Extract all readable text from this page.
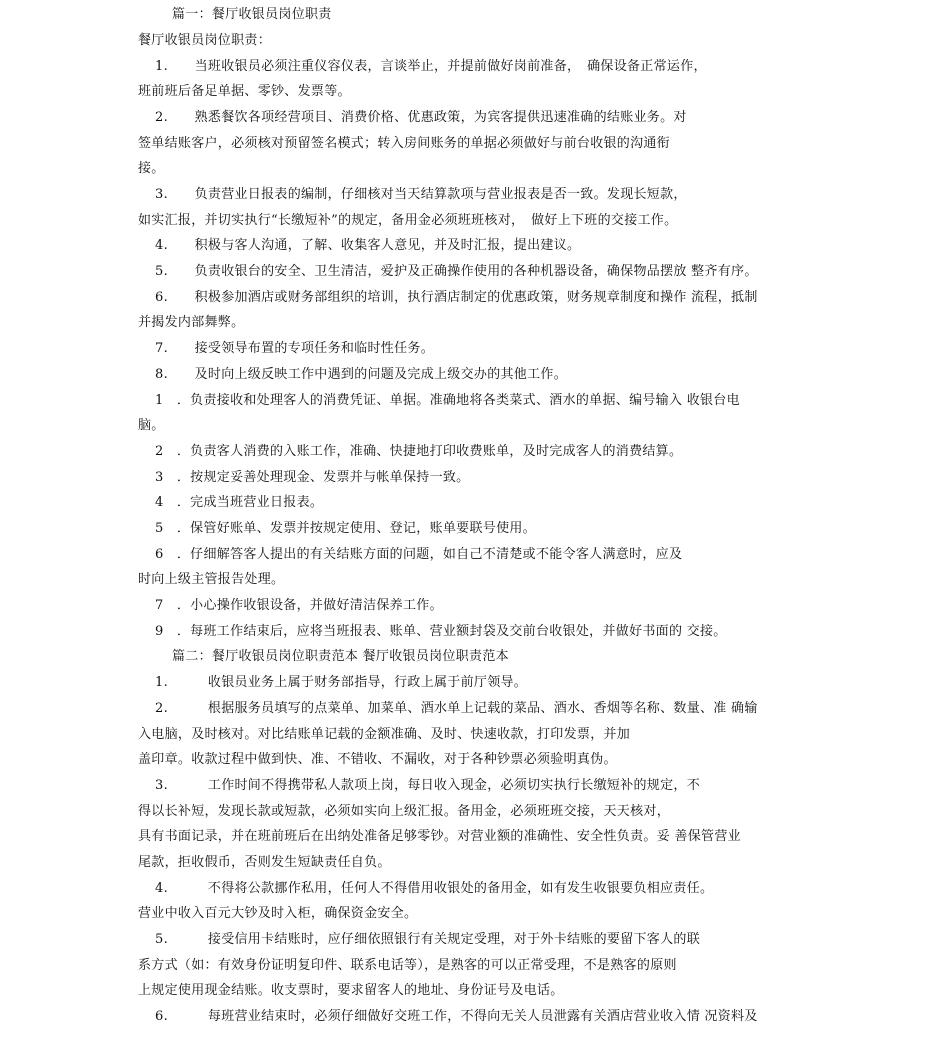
篇一：餐厅收银员岗位职责

餐厅收银员岗位职责：

1.　　当班收银员必须注重仪容仪表，言谈举止，并提前做好岗前准备，　确保设备正常运作，

班前班后备足单据、零钞、发票等。

2.　　熟悉餐饮各项经营项目、消费价格、优惠政策，为宾客提供迅速准确的结账业务。对

签单结账客户，必须核对预留签名模式；转入房间账务的单据必须做好与前台收银的沟通衔

接。

3.　　负责营业日报表的编制，仔细核对当天结算款项与营业报表是否一致。发现长短款，

如实汇报，并切实执行“长缴短补”的规定，备用金必须班班核对，　做好上下班的交接工作。

4.　　积极与客人沟通，了解、收集客人意见，并及时汇报，提出建议。

5.　　负责收银台的安全、卫生清洁，爱护及正确操作使用的各种机器设备，确保物品摆放 整齐有序。

6.　　积极参加酒店或财务部组织的培训，执行酒店制定的优惠政策，财务规章制度和操作 流程，抵制

并揭发内部舞弊。

7.　　接受领导布置的专项任务和临时性任务。

8.　　及时向上级反映工作中遇到的问题及完成上级交办的其他工作。

1　．负责接收和处理客人的消费凭证、单据。准确地将各类菜式、酒水的单据、编号输入 收银台电

脑。

2　．负责客人消费的入账工作，准确、快捷地打印收费账单，及时完成客人的消费结算。

3　．按规定妥善处理现金、发票并与帐单保持一致。

4　．完成当班营业日报表。

5　．保管好账单、发票并按规定使用、登记，账单要联号使用。

6　．仔细解答客人提出的有关结账方面的问题，如自己不清楚或不能令客人满意时，应及

时向上级主管报告处理。

7　．小心操作收银设备，并做好清洁保养工作。

9　．每班工作结束后，应将当班报表、账单、营业额封袋及交前台收银处，并做好书面的 交接。

篇二：餐厅收银员岗位职责范本 餐厅收银员岗位职责范本

1.　　　收银员业务上属于财务部指导，行政上属于前厅领导。

2.　　　根据服务员填写的点菜单、加菜单、酒水单上记载的菜品、酒水、香烟等名称、数量、准 确输

入电脑，及时核对。对比结账单记载的金额准确、及时、快速收款，打印发票，并加

盖印章。收款过程中做到快、准、不错收、不漏收，对于各种钞票必须验明真伪。

3.　　　工作时间不得携带私人款项上岗，每日收入现金，必须切实执行长缴短补的规定，不

得以长补短，发现长款或短款，必须如实向上级汇报。备用金，必须班班交接，天天核对，

具有书面记录，并在班前班后在出纳处准备足够零钞。对营业额的准确性、安全性负责。妥 善保管营业

尾款，拒收假币，否则发生短缺责任自负。

4.　　　不得将公款挪作私用，任何人不得借用收银处的备用金，如有发生收银要负相应责任。

营业中收入百元大钞及时入柜，确保资金安全。

5.　　　接受信用卡结账时，应仔细依照银行有关规定受理，对于外卡结账的要留下客人的联

系方式（如：有效身份证明复印件、联系电话等），是熟客的可以正常受理，不是熟客的原则

上规定使用现金结账。收支票时，要求留客人的地址、身份证号及电话。

6.　　　每班营业结束时，必须仔细做好交班工作，不得向无关人员泄露有关酒店营业收入情 况资料及
